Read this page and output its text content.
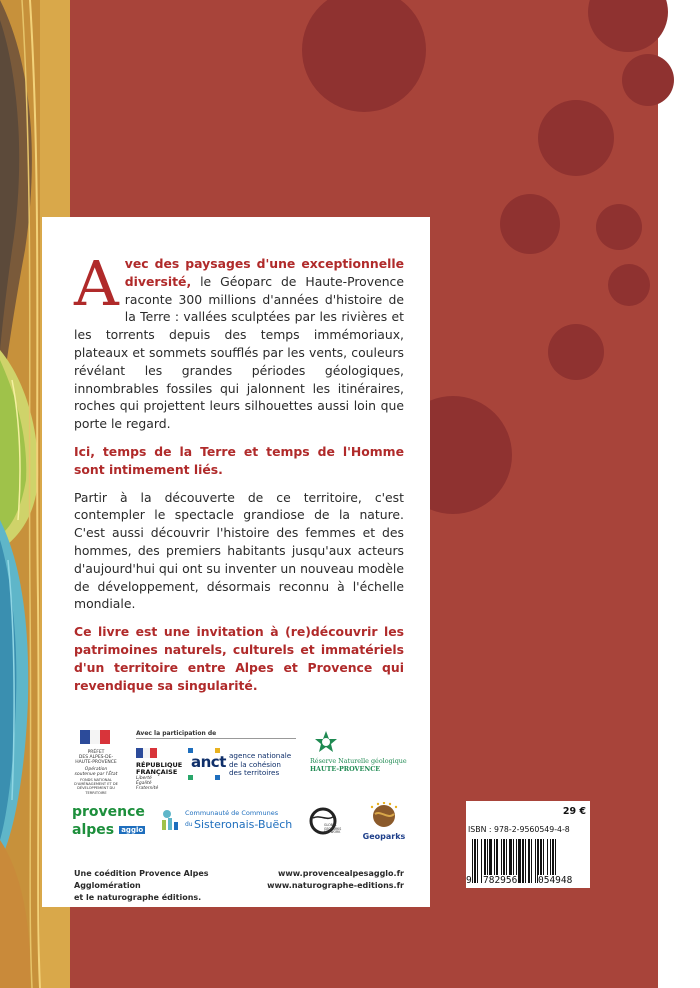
Avec des paysages d'une exceptionnelle diversité, le Géoparc de Haute-Provence raconte 300 millions d'années d'histoire de la Terre : vallées sculptées par les rivières et les torrents depuis des temps immémoriaux, plateaux et sommets soufflés par les vents, couleurs révélant les grandes périodes géologiques, innombrables fossiles qui jalonnent les itinéraires, roches qui projettent leurs silhouettes aussi loin que porte le regard.

Ici, temps de la Terre et temps de l'Homme sont intimement liés.

Partir à la découverte de ce territoire, c'est contempler le spectacle grandiose de la nature. C'est aussi découvrir l'histoire des femmes et des hommes, des premiers habitants jusqu'aux acteurs d'aujourd'hui qui ont su inventer un nouveau modèle de développement, désormais reconnu à l'échelle mondiale.

Ce livre est une invitation à (re)découvrir les patrimoines naturels, culturels et immatériels d'un territoire entre Alpes et Provence qui revendique sa singularité.

PRÉFET
DES ALPES-DE-
HAUTE-PROVENCE
Opération soutenue par l'État
FONDS NATIONAL D'AMÉNAGEMENT ET DE DÉVELOPPEMENT DU TERRITOIRE
Avec la participation de
RÉPUBLIQUE
FRANÇAISE
Liberté Égalité Fraternité
anct agence nationale
de la cohésion
des territoires
Réserve Naturelle géologique
HAUTE-PROVENCE
provence
alpes agglo
Communauté de Communes
du Sisteronais-Buëch	GLOBAL GEOPARKS NETWORK	Geoparks
Une coédition Provence Alpes Agglomération
et le naturographe éditions.
www.provencealpesagglo.fr
www.naturographe-editions.fr
29 €
ISBN : 978-2-9560549-4-8
9 782956 054948
